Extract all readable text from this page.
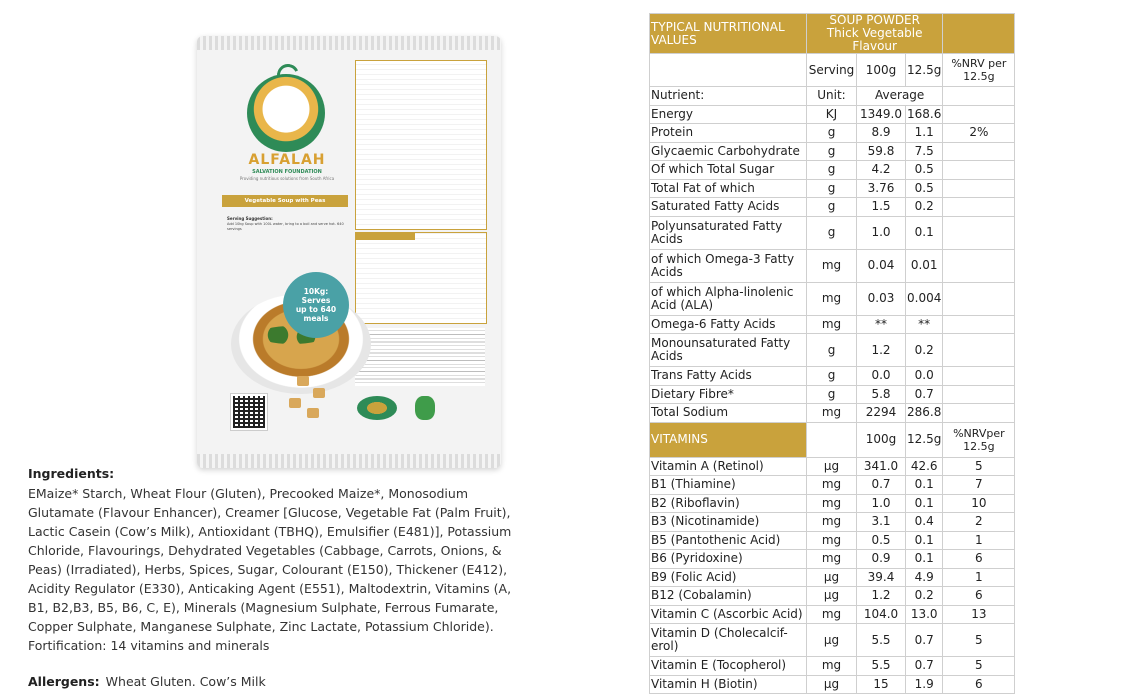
ALFALAH
SALVATION FOUNDATION
Providing nutritious solutions from South Africa
Vegetable Soup with Peas
Serving Suggestion:
Add 10kg Soup with 100L water, bring to a boil and serve hot. 640 servings
10Kg:
Serves
up to 640
meals
Ingredients:
EMaize* Starch, Wheat Flour (Gluten), Precooked Maize*, Monosodium Glutamate (Flavour Enhancer), Creamer [Glucose, Vegetable Fat (Palm Fruit), Lactic Casein (Cow’s Milk), Antioxidant (TBHQ), Emulsifier (E481)], Potassium Chloride, Flavourings, Dehydrated Vegetables (Cabbage, Carrots, Onions, & Peas) (Irradiated), Herbs, Spices, Sugar, Colourant (E150), Thickener (E412), Acidity Regulator (E330), Anticaking Agent (E551), Maltodextrin, Vitamins (A, B1, B2,B3, B5, B6, C, E), Minerals (Magnesium Sulphate, Ferrous Fumarate, Copper Sulphate, Manganese Sulphate, Zinc Lactate, Potassium Chloride). Fortification: 14 vitamins and minerals
Allergens: Wheat Gluten. Cow’s Milk
TYPICAL NUTRITIONAL VALUES	SOUP POWDER
Thick Vegetable Flavour			

	Serving	100g	12.5g	%NRV per 12.5g
Nutrient:	Unit:	Average		
Energy	KJ	1349.0	168.6	
Protein	g	8.9	1.1	2%
Glycaemic Carbohydrate	g	59.8	7.5	
Of which Total Sugar	g	4.2	0.5	
Total Fat of which	g	3.76	0.5	
Saturated Fatty Acids	g	1.5	0.2	
Polyunsaturated Fatty Acids	g	1.0	0.1	
of which Omega-3 Fatty Acids	mg	0.04	0.01	
of which Alpha-linolenic Acid (ALA)	mg	0.03	0.004	
Omega-6 Fatty Acids	mg	**	**	
Monounsaturated Fatty Acids	g	1.2	0.2	
Trans Fatty Acids	g	0.0	0.0	
Dietary Fibre*	g	5.8	0.7	
Total Sodium	mg	2294	286.8	
VITAMINS		100g	12.5g	%NRVper 12.5g
Vitamin A (Retinol)	µg	341.0	42.6	5
B1 (Thiamine)	mg	0.7	0.1	7
B2 (Riboflavin)	mg	1.0	0.1	10
B3 (Nicotinamide)	mg	3.1	0.4	2
B5 (Pantothenic Acid)	mg	0.5	0.1	1
B6 (Pyridoxine)	mg	0.9	0.1	6
B9 (Folic Acid)	µg	39.4	4.9	1
B12 (Cobalamin)	µg	1.2	0.2	6
Vitamin C (Ascorbic Acid)	mg	104.0	13.0	13
Vitamin D (Cholecalcif-erol)	µg	5.5	0.7	5
Vitamin E (Tocopherol)	mg	5.5	0.7	5
Vitamin H (Biotin)	µg	15	1.9	6
